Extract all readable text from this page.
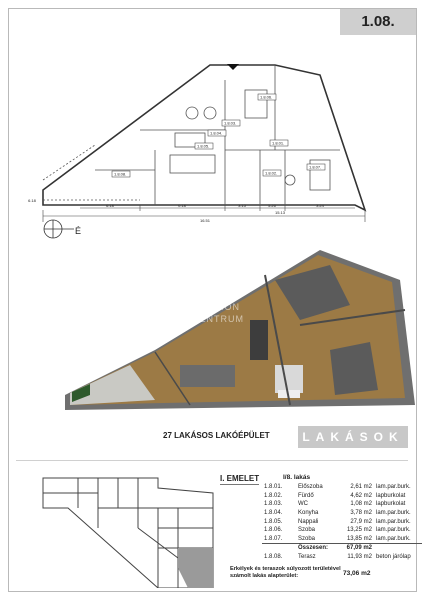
1.08.
1.8.06.
1.8.03.
1.8.05.
1.8.04.
1.8.02.
1.8.07.
1.8.08.
1.8.01.
16.51
15.13
6.18	0.18	3.15	5.26	3.24
6.18
É
ÔC
OTTHON
CENTRUM
27 LAKÁSOS LAKÓÉPÜLET	LAKÁSOK
I. EMELET	I/8. lakás
1.8.01.	Előszoba	2,61 m2	lam.par.burk.
1.8.02.	Fürdő	4,62 m2	lapburkolat
1.8.03.	WC	1,08 m2	lapburkolat
1.8.04.	Konyha	3,78 m2	lam.par.burk.
1.8.05.	Nappali	27,9 m2	lam.par.burk.
1.8.06.	Szoba	13,25 m2	lam.par.burk.
1.8.07.	Szoba	13,85 m2	lam.par.burk.
	Összesen:	67,09 m2	
1.8.08.	Terasz	11,93 m2	beton járólap
Erkélyek és teraszok súlyozott területével számolt lakás alapterület:	73,06 m2
